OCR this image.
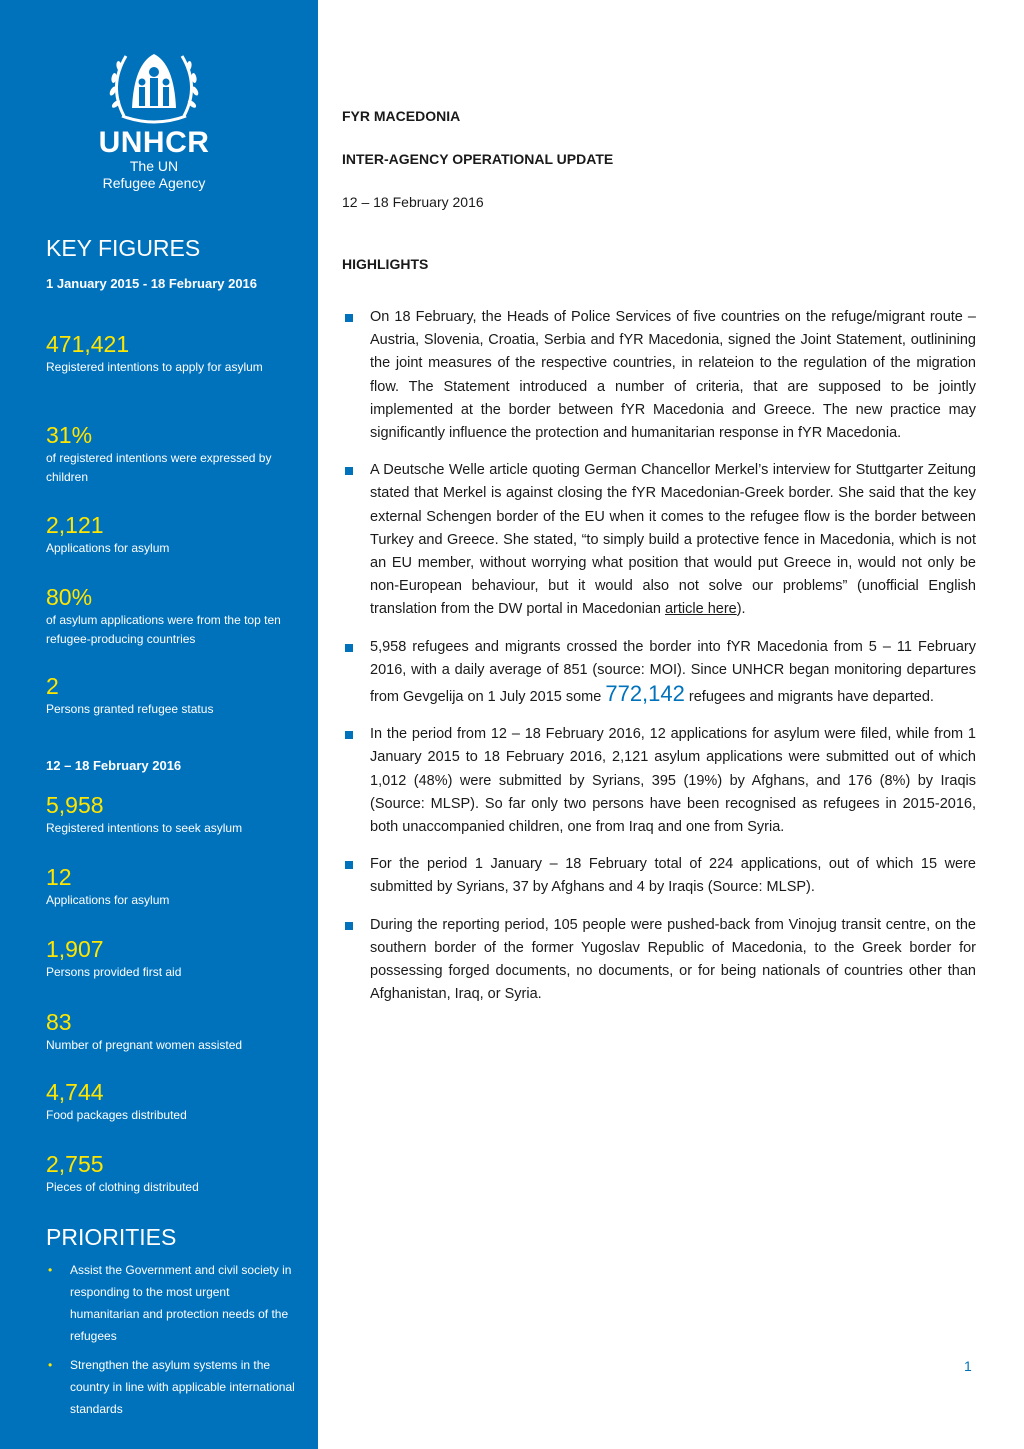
UNHCR
The UN
Refugee Agency
KEY FIGURES
1 January 2015 - 18 February 2016
471,421
Registered intentions to apply for asylum
31%
of registered intentions were expressed by children
2,121
Applications for asylum
80%
of asylum applications were from the top ten refugee-producing countries
2
Persons granted refugee status
12 – 18 February 2016
5,958
Registered intentions to seek asylum
12
Applications for asylum
1,907
Persons provided first aid
83
Number of pregnant women assisted
4,744
Food packages distributed
2,755
Pieces of clothing distributed
PRIORITIES
• Assist the Government and civil society in responding to the most urgent humanitarian and protection needs of the refugees
• Strengthen the asylum systems in the country in line with applicable international standards
FYR MACEDONIA
INTER-AGENCY OPERATIONAL UPDATE
12 – 18 February 2016
HIGHLIGHTS
On 18 February, the Heads of Police Services of five countries on the refuge/migrant route – Austria, Slovenia, Croatia, Serbia and fYR Macedonia, signed the Joint Statement, outlinining the joint measures of the respective countries, in relateion to the regulation of the migration flow. The Statement introduced a number of criteria, that are supposed to be jointly implemented at the border between fYR Macedonia and Greece. The new practice may significantly influence the protection and humanitarian response in fYR Macedonia.
A Deutsche Welle article quoting German Chancellor Merkel’s interview for Stuttgarter Zeitung stated that Merkel is against closing the fYR Macedonian-Greek border. She said that the key external Schengen border of the EU when it comes to the refugee flow is the border between Turkey and Greece. She stated, “to simply build a protective fence in Macedonia, which is not an EU member, without worrying what position that would put Greece in, would not only be non-European behaviour, but it would also not solve our problems” (unofficial English translation from the DW portal in Macedonian article here).
5,958 refugees and migrants crossed the border into fYR Macedonia from 5 – 11 February 2016, with a daily average of 851 (source: MOI). Since UNHCR began monitoring departures from Gevgelija on 1 July 2015 some 772,142 refugees and migrants have departed.
In the period from 12 – 18 February 2016, 12 applications for asylum were filed, while from 1 January 2015 to 18 February 2016, 2,121 asylum applications were submitted out of which 1,012 (48%) were submitted by Syrians, 395 (19%) by Afghans, and 176 (8%) by Iraqis (Source: MLSP). So far only two persons have been recognised as refugees in 2015-2016, both unaccompanied children, one from Iraq and one from Syria.
For the period 1 January – 18 February total of 224 applications, out of which 15 were submitted by Syrians, 37 by Afghans and 4 by Iraqis (Source: MLSP).
During the reporting period, 105 people were pushed-back from Vinojug transit centre, on the southern border of the former Yugoslav Republic of Macedonia, to the Greek border for possessing forged documents, no documents, or for being nationals of countries other than Afghanistan, Iraq, or Syria.
1
